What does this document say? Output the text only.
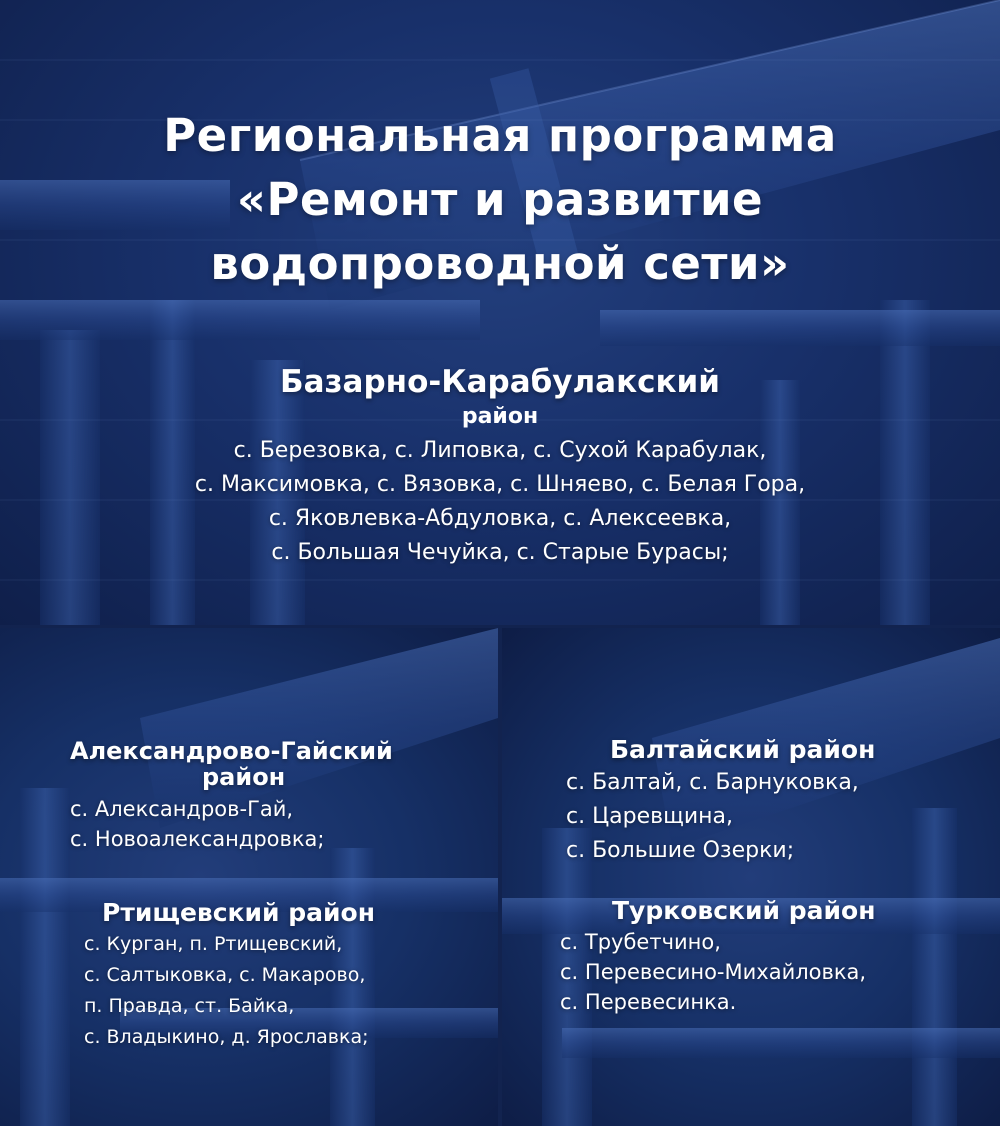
Региональная программа
«Ремонт и развитие
водопроводной сети»
Базарно-Карабулакский
район
с. Березовка, с. Липовка, с. Сухой Карабулак,
с. Максимовка, с. Вязовка, с. Шняево, с. Белая Гора,
с. Яковлевка-Абдуловка, с. Алексеевка,
с. Большая Чечуйка, с. Старые Бурасы;
Александрово-Гайский
район
с. Александров-Гай,
с. Новоалександровка;
Ртищевский район
с. Курган, п. Ртищевский,
с. Салтыковка, с. Макарово,
п. Правда, ст. Байка,
с. Владыкино, д. Ярославка;
Балтайский район
с. Балтай, с. Барнуковка,
с. Царевщина,
с. Большие Озерки;
Турковский район
с. Трубетчино,
с. Перевесино-Михайловка,
с. Перевесинка.
